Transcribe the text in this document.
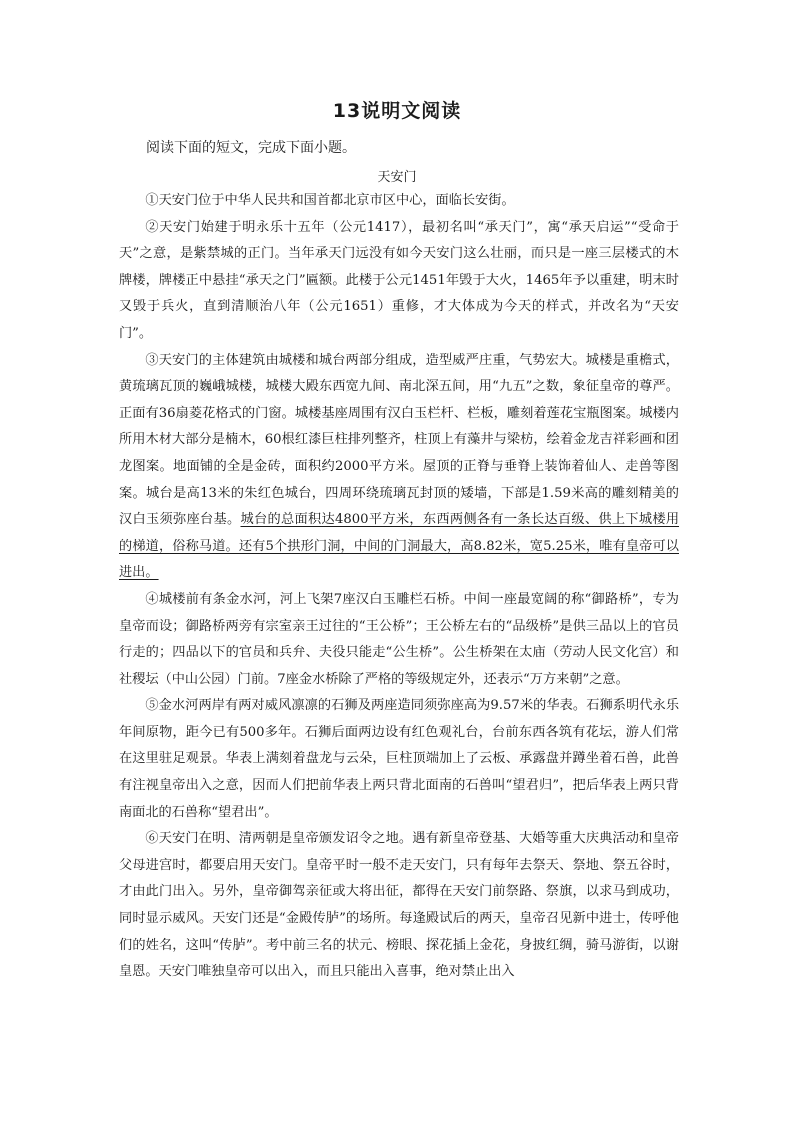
13说明文阅读
阅读下面的短文，完成下面小题。
天安门

①天安门位于中华人民共和国首都北京市区中心，面临长安街。

②天安门始建于明永乐十五年（公元1417），最初名叫“承天门”，寓“承天启运”“受命于天”之意，是紫禁城的正门。当年承天门远没有如今天安门这么壮丽，而只是一座三层楼式的木牌楼，牌楼正中悬挂“承天之门”匾额。此楼于公元1451年毁于大火，1465年予以重建，明末时又毁于兵火，直到清顺治八年（公元1651）重修，才大体成为今天的样式，并改名为“天安门”。

③天安门的主体建筑由城楼和城台两部分组成，造型威严庄重，气势宏大。城楼是重檐式，黄琉璃瓦顶的巍峨城楼，城楼大殿东西宽九间、南北深五间，用“九五”之数，象征皇帝的尊严。正面有36扇菱花格式的门窗。城楼基座周围有汉白玉栏杆、栏板，雕刻着莲花宝瓶图案。城楼内所用木材大部分是楠木，60根红漆巨柱排列整齐，柱顶上有藻井与梁枋，绘着金龙吉祥彩画和团龙图案。地面铺的全是金砖，面积约2000平方米。屋顶的正脊与垂脊上装饰着仙人、走兽等图案。城台是高13米的朱红色城台，四周环绕琉璃瓦封顶的矮墙，下部是1.59米高的雕刻精美的汉白玉须弥座台基。城台的总面积达4800平方米，东西两侧各有一条长达百级、供上下城楼用的梯道，俗称马道。还有5个拱形门洞，中间的门洞最大，高8.82米，宽5.25米，唯有皇帝可以进出。

④城楼前有条金水河，河上飞架7座汉白玉雕栏石桥。中间一座最宽阔的称“御路桥”，专为皇帝而设；御路桥两旁有宗室亲王过往的“王公桥”；王公桥左右的“品级桥”是供三品以上的官员行走的；四品以下的官员和兵弁、夫役只能走“公生桥”。公生桥架在太庙（劳动人民文化宫）和社稷坛（中山公园）门前。7座金水桥除了严格的等级规定外，还表示“万方来朝”之意。

⑤金水河两岸有两对威风凛凛的石狮及两座造同须弥座高为9.57米的华表。石狮系明代永乐年间原物，距今已有500多年。石狮后面两边设有红色观礼台，台前东西各筑有花坛，游人们常在这里驻足观景。华表上满刻着盘龙与云朵，巨柱顶端加上了云板、承露盘并蹲坐着石兽，此兽有注视皇帝出入之意，因而人们把前华表上两只背北面南的石兽叫“望君归”，把后华表上两只背南面北的石兽称“望君出”。

⑥天安门在明、清两朝是皇帝颁发诏令之地。遇有新皇帝登基、大婚等重大庆典活动和皇帝父母进宫时，都要启用天安门。皇帝平时一般不走天安门，只有每年去祭天、祭地、祭五谷时，才由此门出入。另外，皇帝御驾亲征或大将出征，都得在天安门前祭路、祭旗，以求马到成功，同时显示威风。天安门还是“金殿传胪”的场所。每逢殿试后的两天，皇帝召见新中进士，传呼他们的姓名，这叫“传胪”。考中前三名的状元、榜眼、探花插上金花，身披红绸，骑马游街，以谢皇恩。天安门唯独皇帝可以出入，而且只能出入喜事，绝对禁止出入
